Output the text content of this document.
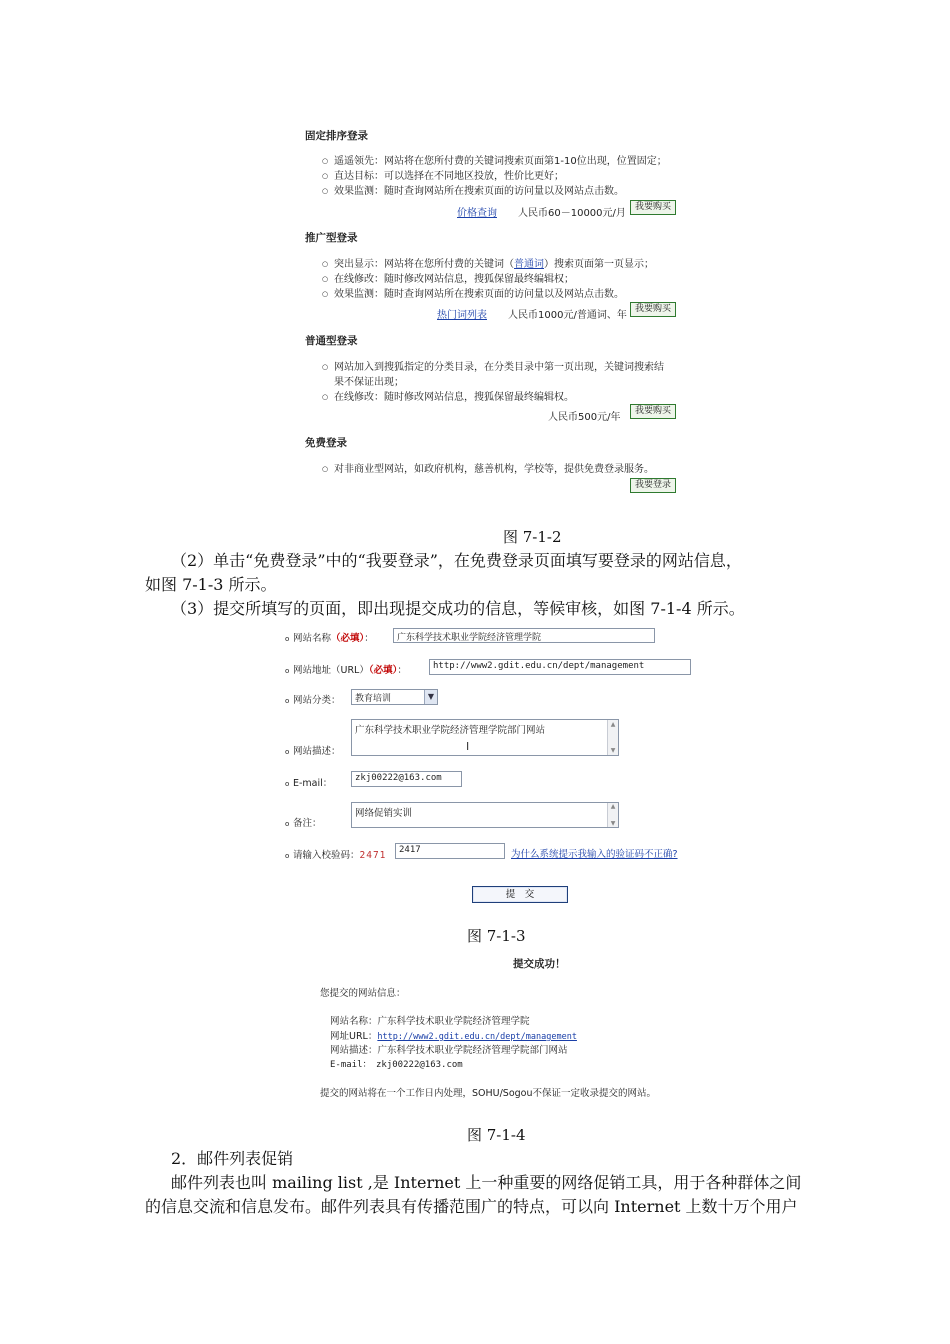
固定排序登录
○ 遥遥领先：网站将在您所付费的关键词搜索页面第1-10位出现，位置固定；
○ 直达目标：可以选择在不同地区投放，性价比更好；
○ 效果监测：随时查询网站所在搜索页面的访问量以及网站点击数。
价格查询 人民币60－10000元/月
我要购买
推广型登录
○ 突出显示：网站将在您所付费的关键词（普通词）搜索页面第一页显示；
○ 在线修改：随时修改网站信息，搜狐保留最终编辑权；
○ 效果监测：随时查询网站所在搜索页面的访问量以及网站点击数。
热门词列表 人民币1000元/普通词、年
我要购买
普通型登录
○ 网站加入到搜狐指定的分类目录，在分类目录中第一页出现，关键词搜索结果不保证出现；
○ 在线修改：随时修改网站信息，搜狐保留最终编辑权。
人民币500元/年
我要购买
免费登录
○ 对非商业型网站，如政府机构，慈善机构，学校等，提供免费登录服务。
我要登录
图 7-1-2
（2）单击“免费登录”中的“我要登录”，在免费登录页面填写要登录的网站信息，
如图 7-1-3 所示。
（3）提交所填写的页面，即出现提交成功的信息，等候审核，如图 7-1-4 所示。
o 网站名称（必填）：	广东科学技术职业学院经济管理学院
o 网站地址（URL）（必填）：	http://www2.gdit.edu.cn/dept/management
o 网站分类：	教育培训	▼
o 网站描述：
广东科学技术职业学院经济管理学院部门网站
I
▲
▼
o E-mail：	zkj00222@163.com
o 备注：
网络促销实训
▲
▼
o 请输入校验码：2471	2417	为什么系统提示我输入的验证码不正确?
提　交
图 7-1-3
提交成功！
您提交的网站信息：
网站名称：广东科学技术职业学院经济管理学院
网址URL：http://www2.gdit.edu.cn/dept/management
网站描述：广东科学技术职业学院经济管理学院部门网站
E-mail：　zkj00222@163.com
提交的网站将在一个工作日内处理，SOHU/Sogou不保证一定收录提交的网站。
图 7-1-4
2．邮件列表促销
邮件列表也叫 mailing list ,是 Internet 上一种重要的网络促销工具，用于各种群体之间
的信息交流和信息发布。邮件列表具有传播范围广的特点，可以向 Internet 上数十万个用户
